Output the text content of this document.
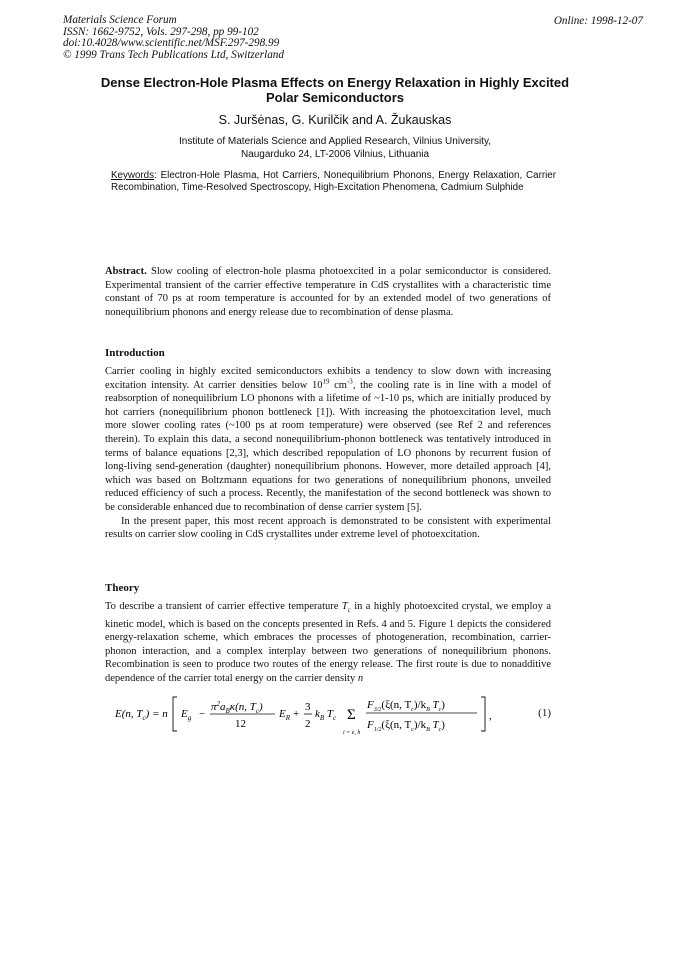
Materials Science Forum
ISSN: 1662-9752, Vols. 297-298, pp 99-102
doi:10.4028/www.scientific.net/MSF.297-298.99
© 1999 Trans Tech Publications Ltd, Switzerland
Online: 1998-12-07
Dense Electron-Hole Plasma Effects on Energy Relaxation in Highly Excited Polar Semiconductors
S. Juršėnas, G. Kurilčik and A. Žukauskas
Institute of Materials Science and Applied Research, Vilnius University,
Naugarduko 24, LT-2006 Vilnius, Lithuania
Keywords: Electron-Hole Plasma, Hot Carriers, Nonequilibrium Phonons, Energy Relaxation, Carrier Recombination, Time-Resolved Spectroscopy, High-Excitation Phenomena, Cadmium Sulphide
Abstract. Slow cooling of electron-hole plasma photoexcited in a polar semiconductor is considered. Experimental transient of the carrier effective temperature in CdS crystallites with a characteristic time constant of 70 ps at room temperature is accounted for by an extended model of two generations of nonequilibrium phonons and energy release due to recombination of dense plasma.
Introduction

Carrier cooling in highly excited semiconductors exhibits a tendency to slow down with increasing excitation intensity. At carrier densities below $10^{19}$ $cm^{-3}$, the cooling rate is in line with a model of reabsorption of nonequilibrium LO phonons with a lifetime of ~1-10 ps, which are initially produced by hot carriers (nonequilibrium phonon bottleneck [1]). With increasing the photoexcitation level, much more slower cooling rates (~100 ps at room temperature) were observed (see Ref 2 and references therein). To explain this data, a second nonequilibrium-phonon bottleneck was tentatively introduced in terms of balance equations [2,3], which described repopulation of LO phonons by recurrent fusion of long-living send-generation (daughter) nonequilibrium phonons. However, more detailed approach [4], which was based on Boltzmann equations for two generations of nonequilibrium phonons, unveiled reduced efficiency of such a process. Recently, the manifestation of the second bottleneck was shown to be considerable enhanced due to recombination of dense carrier system [5].

In the present paper, this most recent approach is demonstrated to be consistent with experimental results on carrier slow cooling in CdS crystallites under extreme level of photoexcitation.

Theory

To describe a transient of carrier effective temperature $T_c$ in a highly photoexcited crystal, we employ a kinetic model, which is based on the concepts presented in Refs. 4 and 5. Figure 1 depicts the considered energy-relaxation scheme, which embraces the processes of photogeneration, recombination, carrier-phonon interaction, and a complex interplay between two generations of nonequilibrium phonons. Recombination is seen to produce two routes of the energy release. The first route is due to nonadditive dependence of the carrier total energy on the carrier density n

E(n, $T_c) = n$ $E_g$ −
$\pi^2a_B\kappa(n$, $T_c$)
12
$E_R$ +
3
2
$k_B$ $T_c$ Σ
i = e, h
$F_{3/2}(\xi(n$, $T_c)/k_B$ $T_c$)
$F_{1/2}(\xi(n$, $T_c)/k_B$ $T_c$)
,	(1)
